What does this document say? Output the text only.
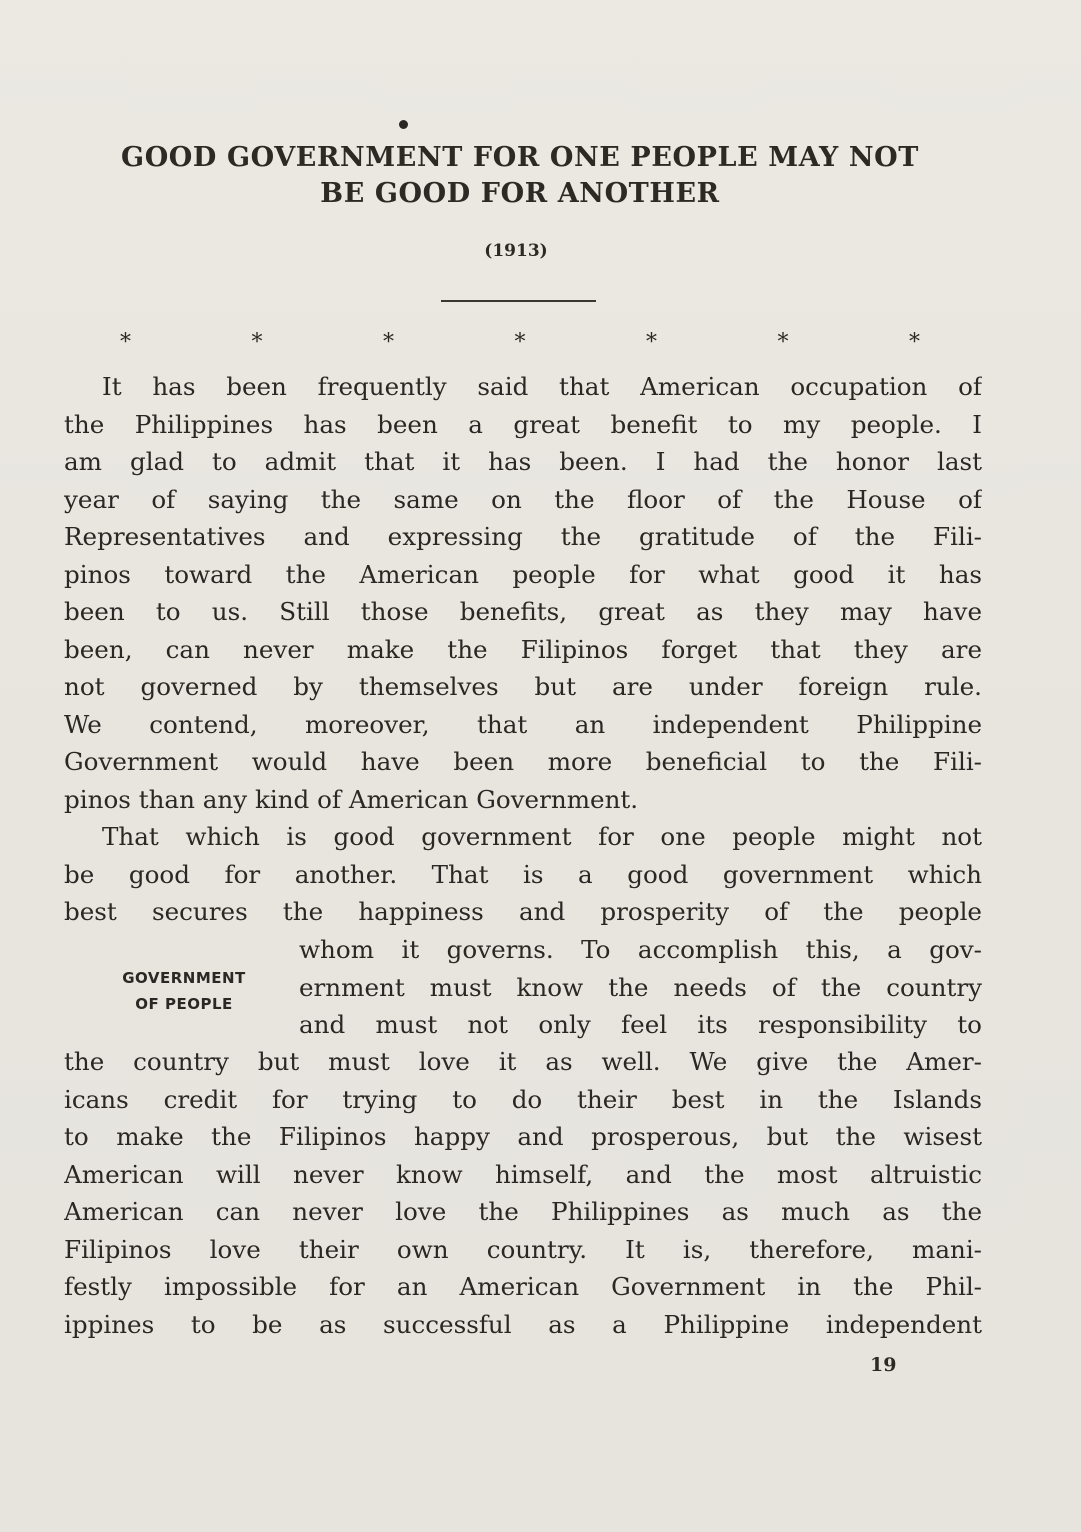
GOOD GOVERNMENT FOR ONE PEOPLE MAY NOT
BE GOOD FOR ANOTHER
(1913)
*	*	*	*	*	*	*
It has been frequently said that American occupation of
the Philippines has been a great benefit to my people. I
am glad to admit that it has been. I had the honor last
year of saying the same on the floor of the House of
Representatives and expressing the gratitude of the Fili-
pinos toward the American people for what good it has
been to us. Still those benefits, great as they may have
been, can never make the Filipinos forget that they are
not governed by themselves but are under foreign rule.
We contend, moreover, that an independent Philippine
Government would have been more beneficial to the Fili-
pinos than any kind of American Government.
That which is good government for one people might not
be good for another. That is a good government which
best secures the happiness and prosperity of the people
whom it governs. To accomplish this, a gov-
ernment must know the needs of the country
and must not only feel its responsibility to
GOVERNMENT
OF PEOPLE
the country but must love it as well. We give the Amer-
icans credit for trying to do their best in the Islands
to make the Filipinos happy and prosperous, but the wisest
American will never know himself, and the most altruistic
American can never love the Philippines as much as the
Filipinos love their own country. It is, therefore, mani-
festly impossible for an American Government in the Phil-
ippines to be as successful as a Philippine independent
19
